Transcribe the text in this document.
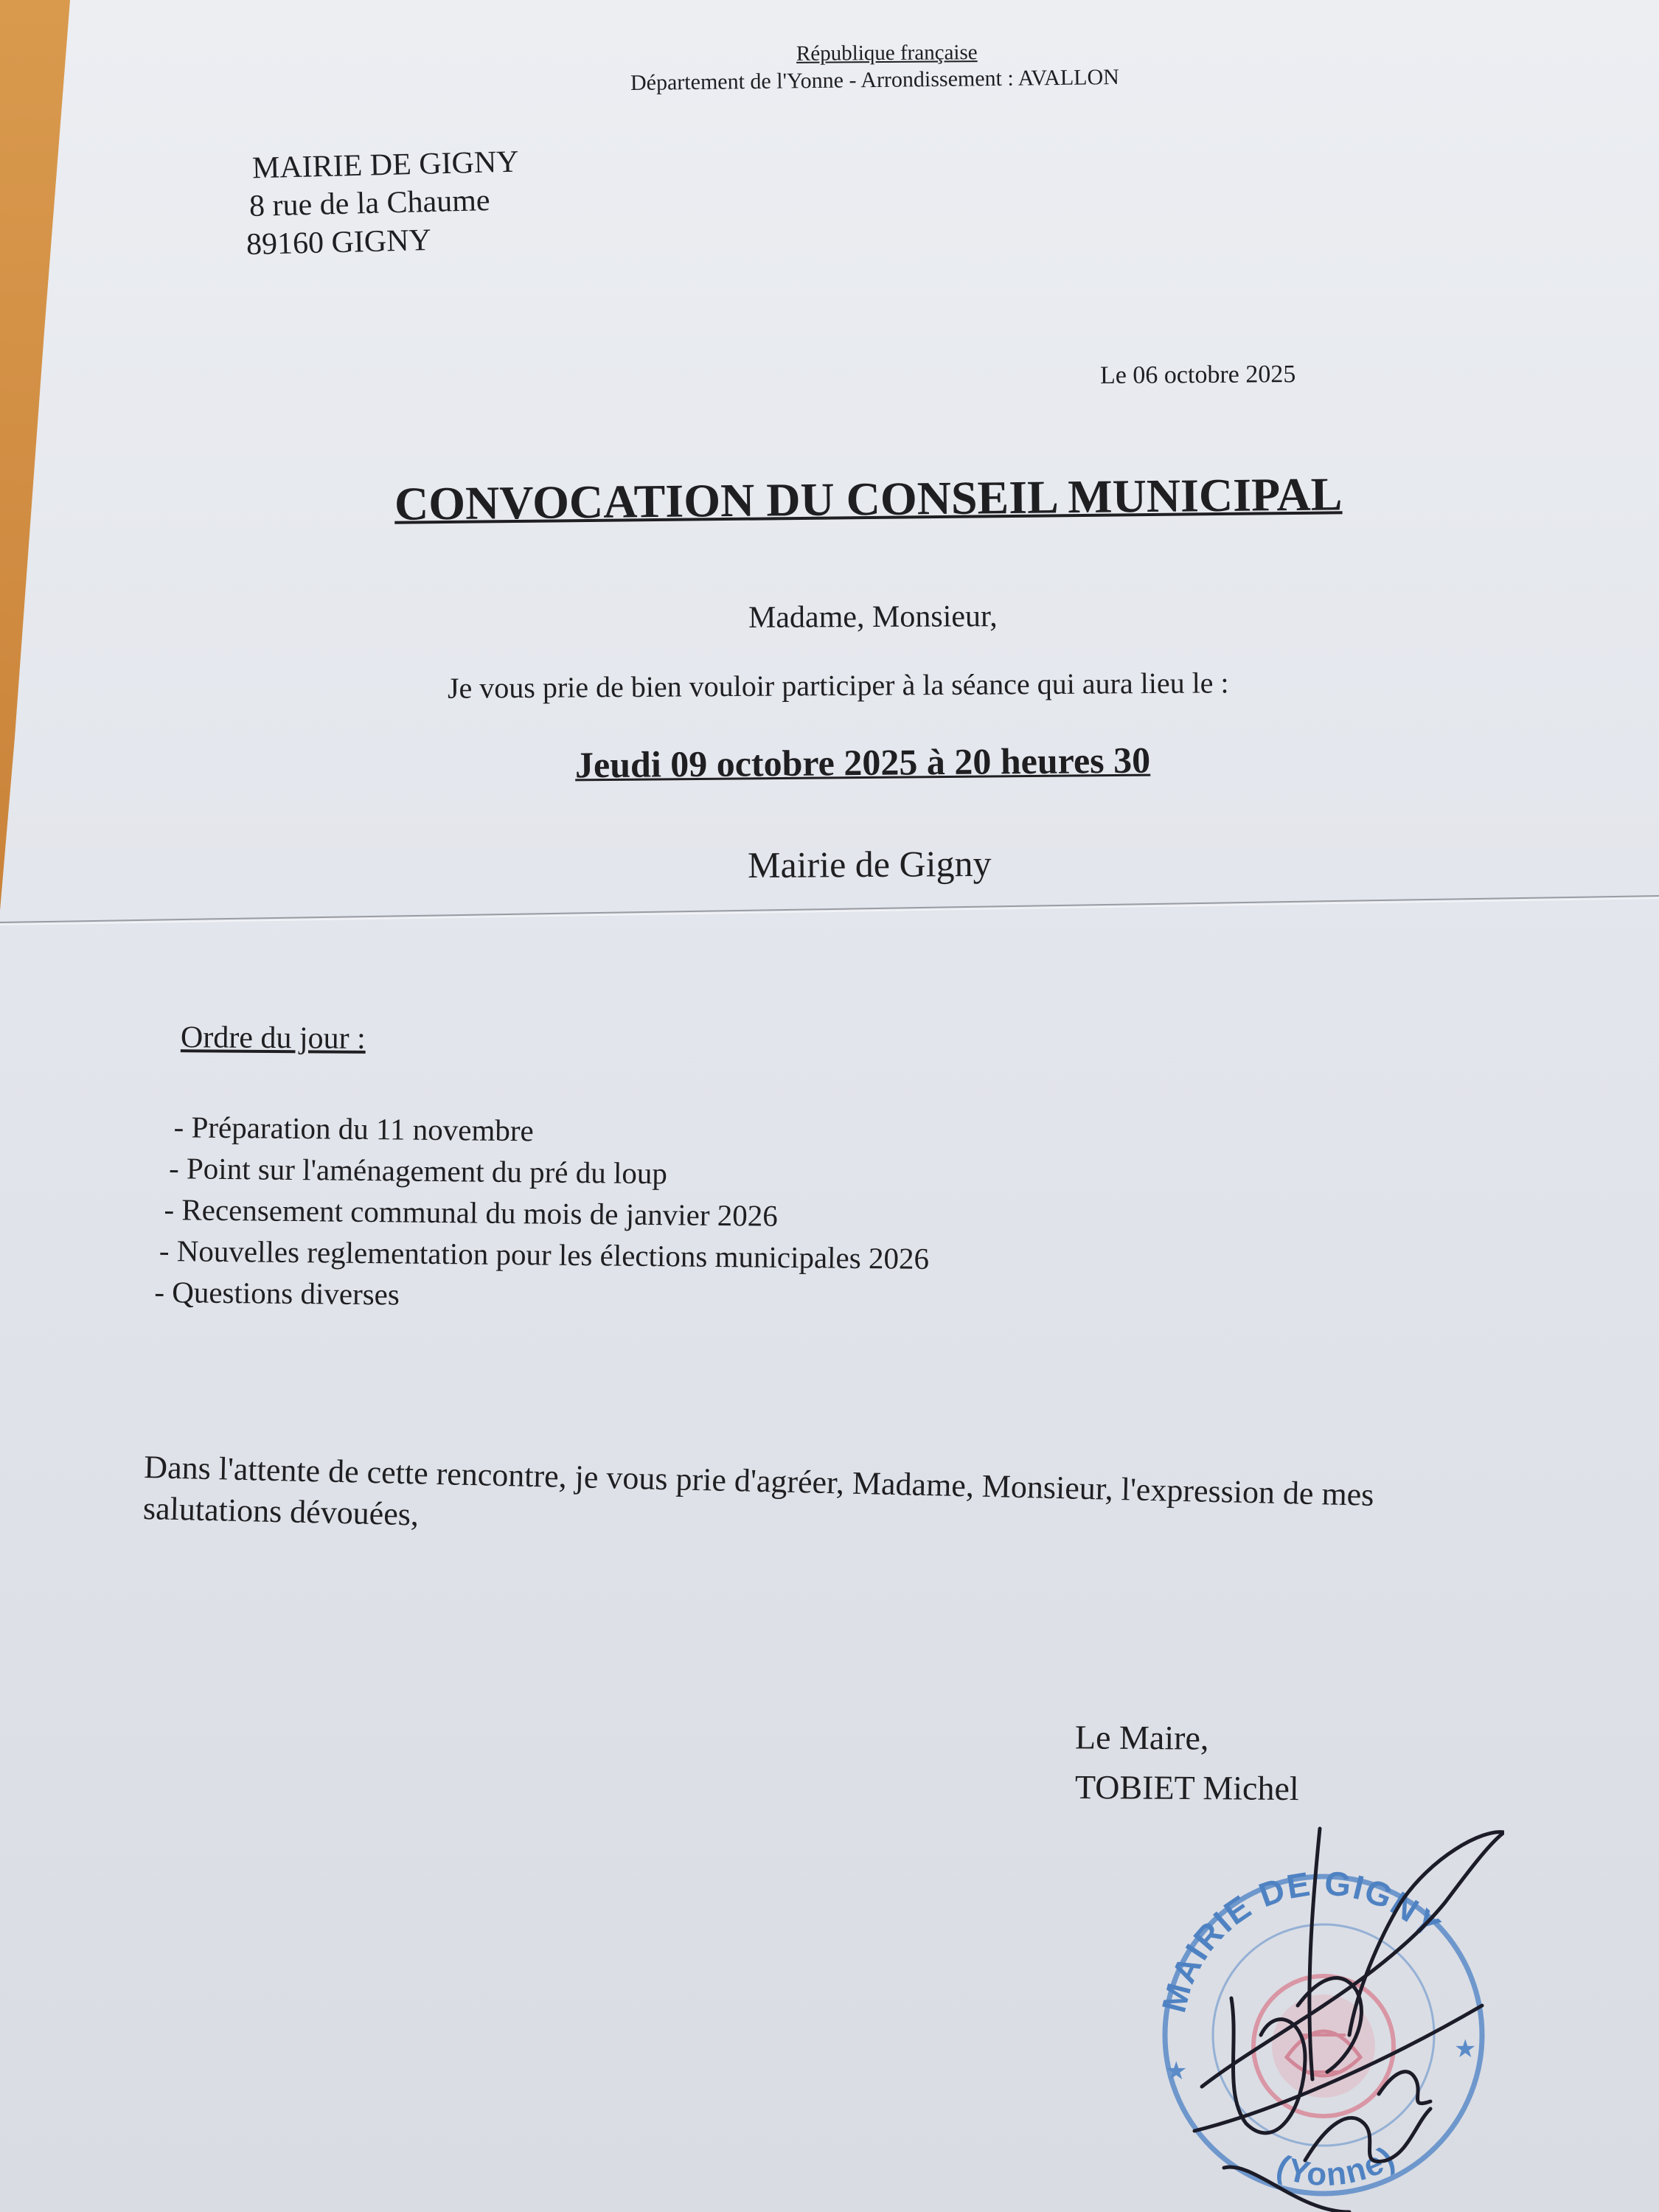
République française
Département de l'Yonne - Arrondissement : AVALLON
MAIRIE DE GIGNY
8 rue de la Chaume
89160 GIGNY
Le 06 octobre 2025
CONVOCATION DU CONSEIL MUNICIPAL
Madame, Monsieur,
Je vous prie de bien vouloir participer à la séance qui aura lieu le :
Jeudi 09 octobre 2025 à 20 heures 30
Mairie de Gigny
Ordre du jour :
- Préparation du 11 novembre
- Point sur l'aménagement du pré du loup
- Recensement communal du mois de janvier 2026
- Nouvelles reglementation pour les élections municipales 2026
- Questions diverses
Dans l'attente de cette rencontre, je vous prie d'agréer, Madame, Monsieur, l'expression de mes salutations dévouées,
Le Maire,
TOBIET Michel
MAIRIE DE GIGNY
(Yonne)
★
★
